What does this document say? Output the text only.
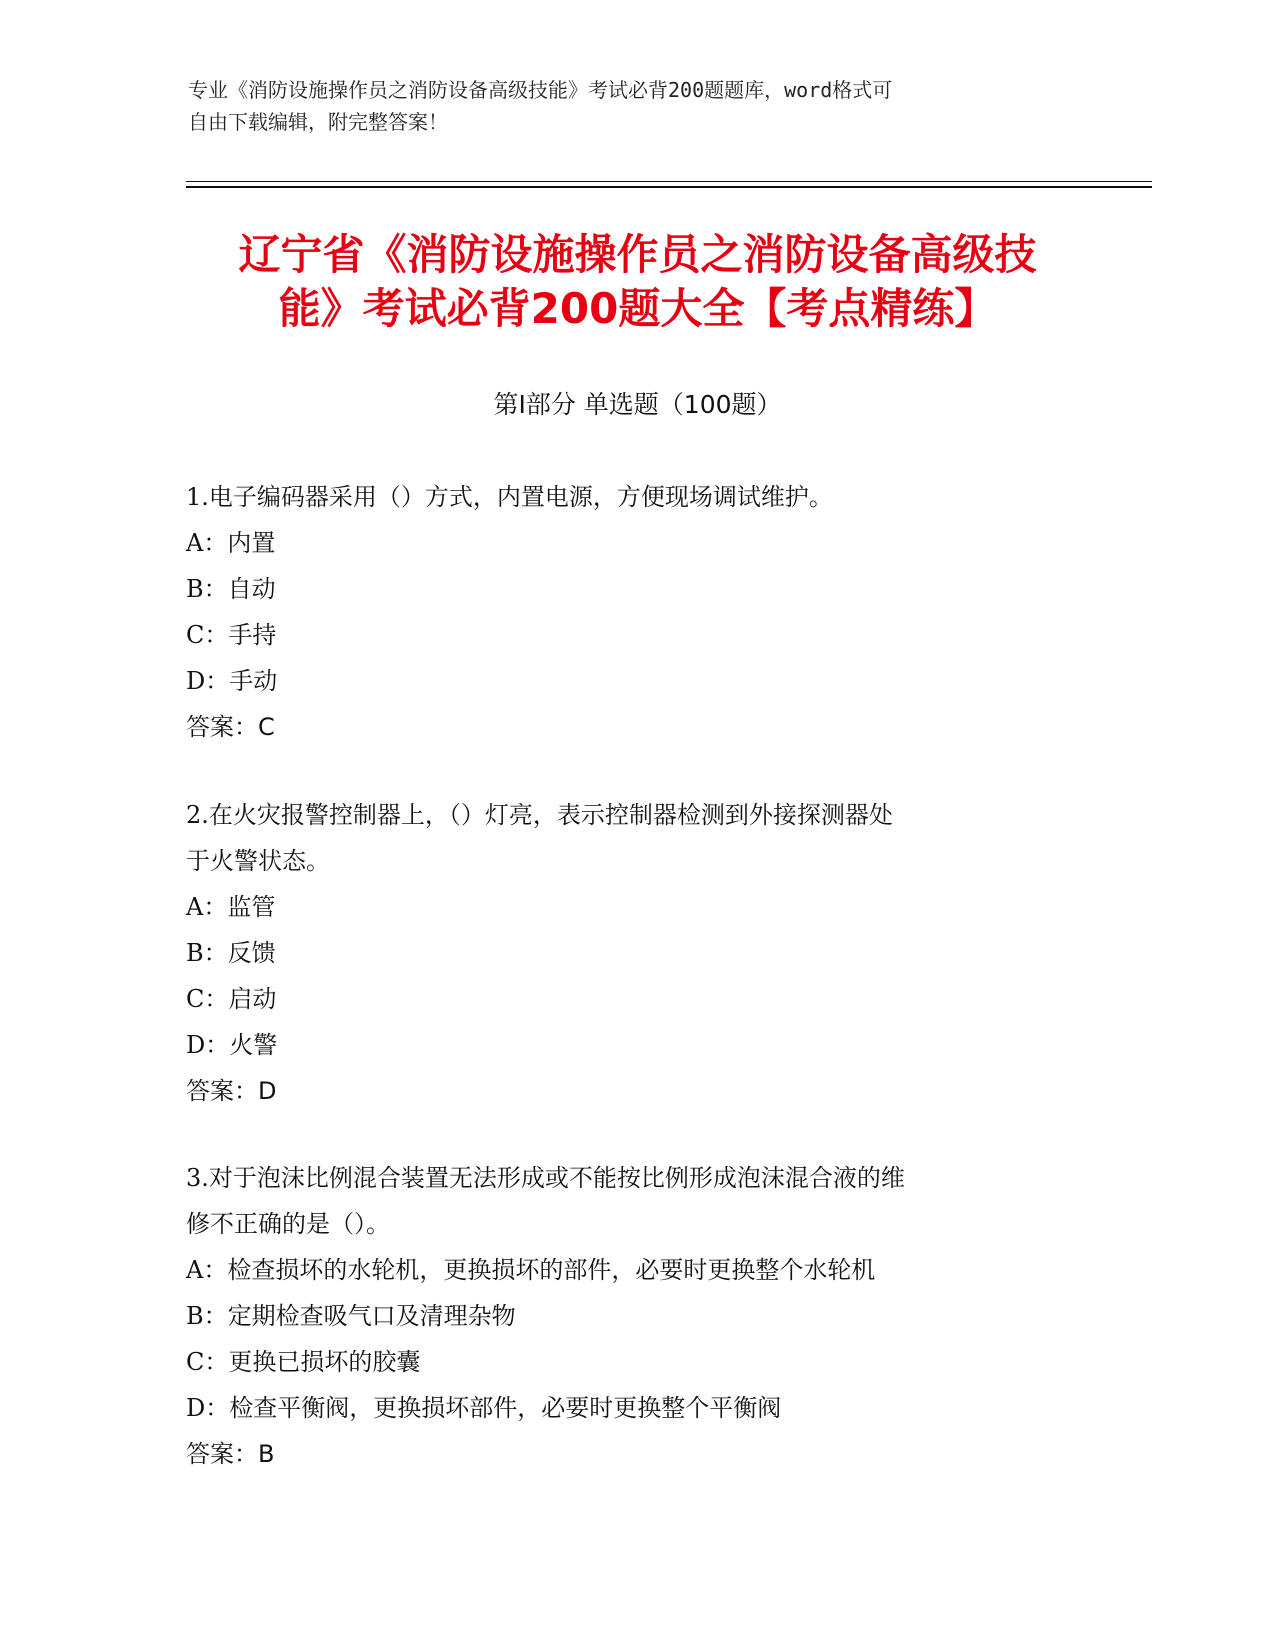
专业《消防设施操作员之消防设备高级技能》考试必背200题题库，word格式可
自由下载编辑，附完整答案！
辽宁省《消防设施操作员之消防设备高级技
能》考试必背200题大全【考点精练】
第I部分 单选题（100题）
1.电子编码器采用（）方式，内置电源，方便现场调试维护。
A：内置
B：自动
C：手持
D：手动
答案：C
2.在火灾报警控制器上，（）灯亮，表示控制器检测到外接探测器处
于火警状态。
A：监管
B：反馈
C：启动
D：火警
答案：D
3.对于泡沫比例混合装置无法形成或不能按比例形成泡沫混合液的维
修不正确的是（）。
A：检查损坏的水轮机，更换损坏的部件，必要时更换整个水轮机
B：定期检查吸气口及清理杂物
C：更换已损坏的胶囊
D：检查平衡阀，更换损坏部件，必要时更换整个平衡阀
答案：B
